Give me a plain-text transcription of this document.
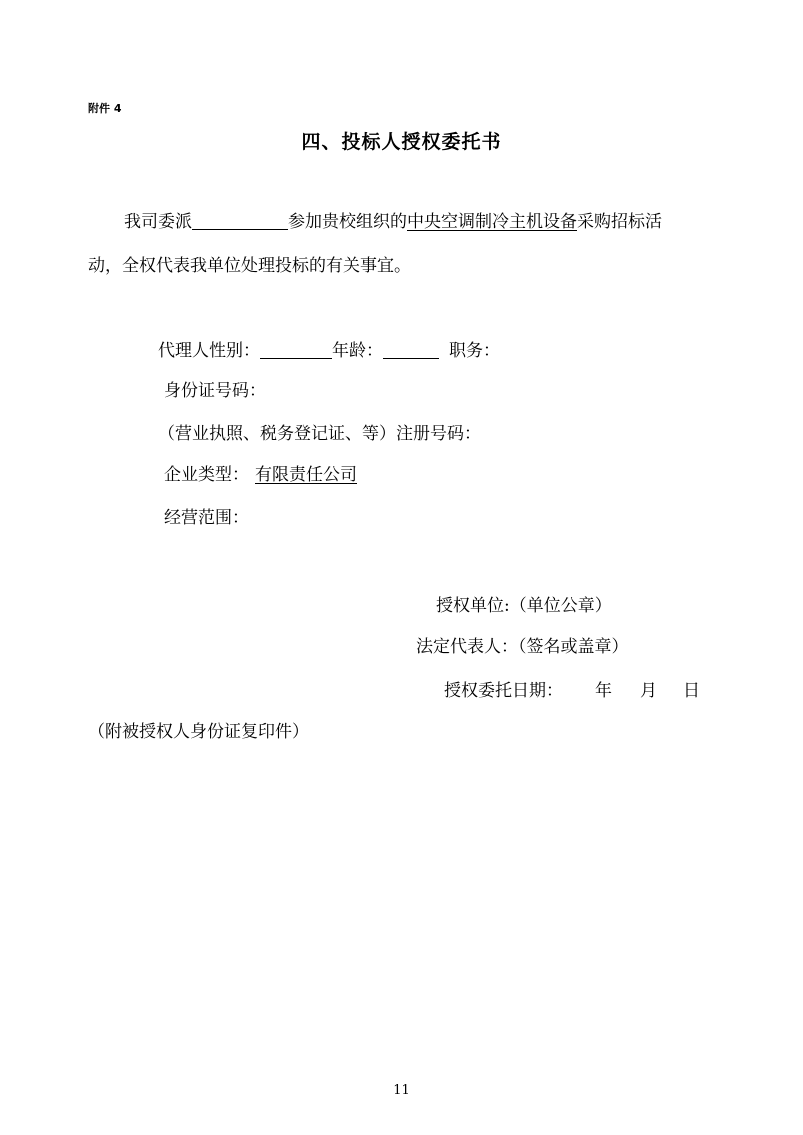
附件 4
四、投标人授权委托书
我司委派	参加贵校组织的中央空调制冷主机设备采购招标活
动，全权代表我单位处理投标的有关事宜。
代理人性别：	年龄：	职务：
身份证号码：
（营业执照、税务登记证、等）注册号码：
企业类型： 有限责任公司
经营范围：
授权单位:（单位公章）
法定代表人：（签名或盖章）
授权委托日期： 年 月 日
（附被授权人身份证复印件）
11
